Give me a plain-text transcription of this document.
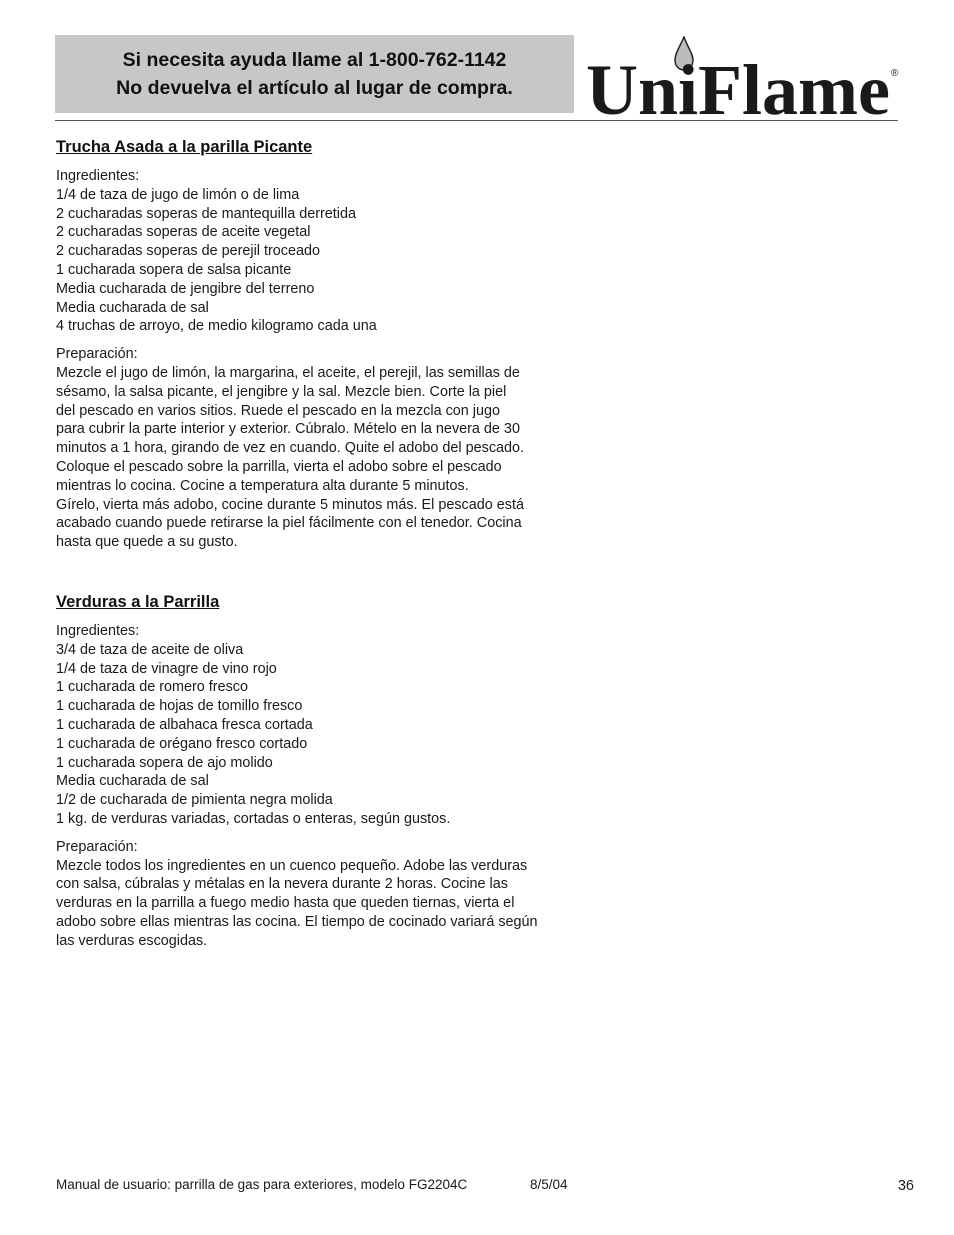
Si necesita ayuda llame al 1-800-762-1142
No devuelva el artículo al lugar de compra. UniFlame ®
Trucha Asada a la parilla Picante
Ingredientes:
1/4 de taza de jugo de limón o de lima
2 cucharadas soperas de mantequilla derretida
2 cucharadas soperas de aceite vegetal
2 cucharadas soperas de perejil troceado
1 cucharada sopera de salsa picante
Media cucharada de jengibre del terreno
Media cucharada de sal
4 truchas de arroyo, de medio kilogramo cada una
Preparación:
Mezcle el jugo de limón, la margarina, el aceite, el perejil, las semillas de
sésamo, la salsa picante, el jengibre y la sal. Mezcle bien. Corte la piel
del pescado en varios sitios. Ruede el pescado en la mezcla con jugo
para cubrir la parte interior y exterior. Cúbralo. Mételo en la nevera de 30
minutos a 1 hora, girando de vez en cuando. Quite el adobo del pescado.
Coloque el pescado sobre la parrilla, vierta el adobo sobre el pescado
mientras lo cocina. Cocine a temperatura alta durante 5 minutos.
Gírelo, vierta más adobo, cocine durante 5 minutos más. El pescado está
acabado cuando puede retirarse la piel fácilmente con el tenedor. Cocina
hasta que quede a su gusto.
Verduras a la Parrilla
Ingredientes:
3/4 de taza de aceite de oliva
1/4 de taza de vinagre de vino rojo
1 cucharada de romero fresco
1 cucharada de hojas de tomillo fresco
1 cucharada de albahaca fresca cortada
1 cucharada de orégano fresco cortado
1 cucharada sopera de ajo molido
Media cucharada de sal
1/2 de cucharada de pimienta negra molida
1 kg. de verduras variadas, cortadas o enteras, según gustos.
Preparación:
Mezcle todos los ingredientes en un cuenco pequeño. Adobe las verduras
con salsa, cúbralas y métalas en la nevera durante 2 horas. Cocine las
verduras en la parrilla a fuego medio hasta que queden tiernas, vierta el
adobo sobre ellas mientras las cocina. El tiempo de cocinado variará según
las verduras escogidas.
Manual de usuario: parrilla de gas para exteriores, modelo FG2204C	8/5/04	36
